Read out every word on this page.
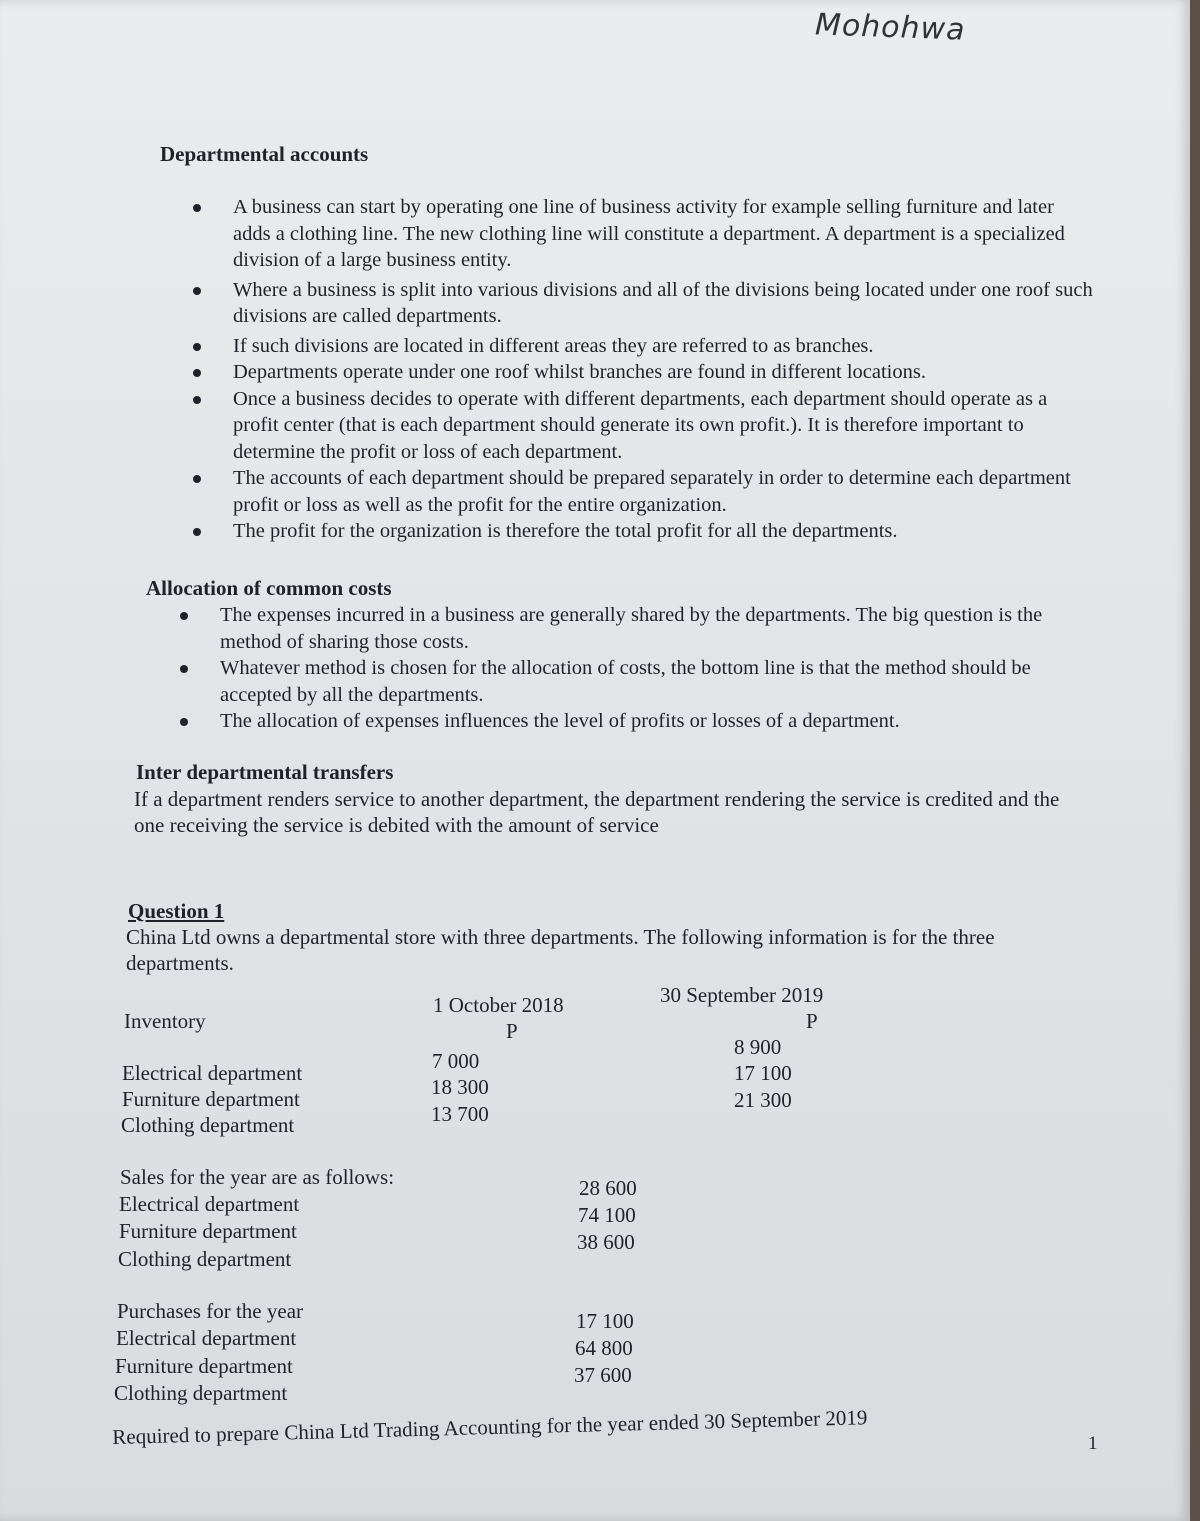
Mohohwa
Departmental accounts
A business can start by operating one line of business activity for example selling furniture and later adds a clothing line. The new clothing line will constitute a department. A department is a specialized division of a large business entity.
Where a business is split into various divisions and all of the divisions being located under one roof such divisions are called departments.
If such divisions are located in different areas they are referred to as branches.
Departments operate under one roof whilst branches are found in different locations.
Once a business decides to operate with different departments, each department should operate as a profit center (that is each department should generate its own profit.). It is therefore important to determine the profit or loss of each department.
The accounts of each department should be prepared separately in order to determine each department profit or loss as well as the profit for the entire organization.
The profit for the organization is therefore the total profit for all the departments.
Allocation of common costs
The expenses incurred in a business are generally shared by the departments. The big question is the method of sharing those costs.
Whatever method is chosen for the allocation of costs, the bottom line is that the method should be accepted by all the departments.
The allocation of expenses influences the level of profits or losses of a department.
Inter departmental transfers
If a department renders service to another department, the department rendering the service is credited and the one receiving the service is debited with the amount of service
Question 1
China Ltd owns a departmental store with three departments. The following information is for the three departments.
Inventory
1 October 2018
P
30 September 2019
P
Electrical department
Furniture department
Clothing department
7 000
18 300
13 700
8 900
17 100
21 300
Sales for the year are as follows:
Electrical department
Furniture department
Clothing department
28 600
74 100
38 600
Purchases for the year
Electrical department
Furniture department
Clothing department
17 100
64 800
37 600
Required to prepare China Ltd Trading Accounting for the year ended 30 September 2019	1
